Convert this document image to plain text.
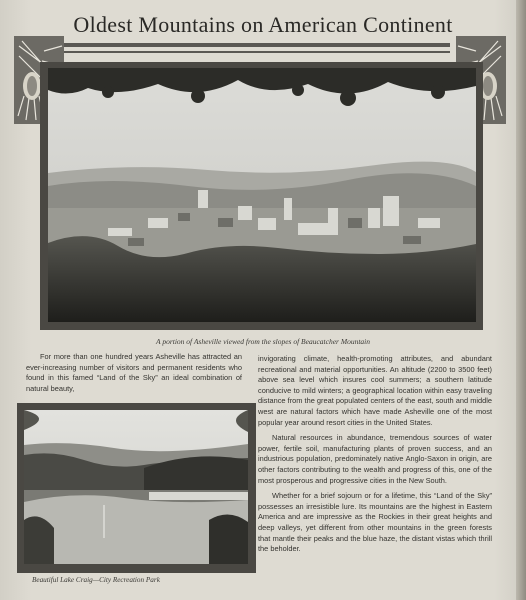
Oldest Mountains on American Continent
A portion of Asheville viewed from the slopes of Beaucatcher Mountain

For more than one hundred years Asheville has attracted an ever-increasing number of visitors and permanent residents who found in this famed “Land of the Sky” an ideal combination of natural beauty,

invigorating climate, health-promoting attributes, and abundant recreational and material opportunities. An altitude (2200 to 3500 feet) above sea level which insures cool summers; a southern latitude conducive to mild winters; a geographical location within easy traveling distance from the great populated centers of the east, south and middle west are natural factors which have made Asheville one of the most popular year around resort cities in the United States.

Natural resources in abundance, tremendous sources of water power, fertile soil, manufacturing plants of proven success, and an industrious population, predominately native Anglo-Saxon in origin, are other factors contributing to the wealth and progress of this, one of the most prosperous and progressive cities in the New South.

Whether for a brief sojourn or for a lifetime, this “Land of the Sky” possesses an irresistible lure. Its mountains are the highest in Eastern America and are impressive as the Rockies in their great heights and deep valleys, yet different from other mountains in the green forests that mantle their peaks and the blue haze, the distant vistas which thrill the beholder.

Beautiful Lake Craig—City Recreation Park
